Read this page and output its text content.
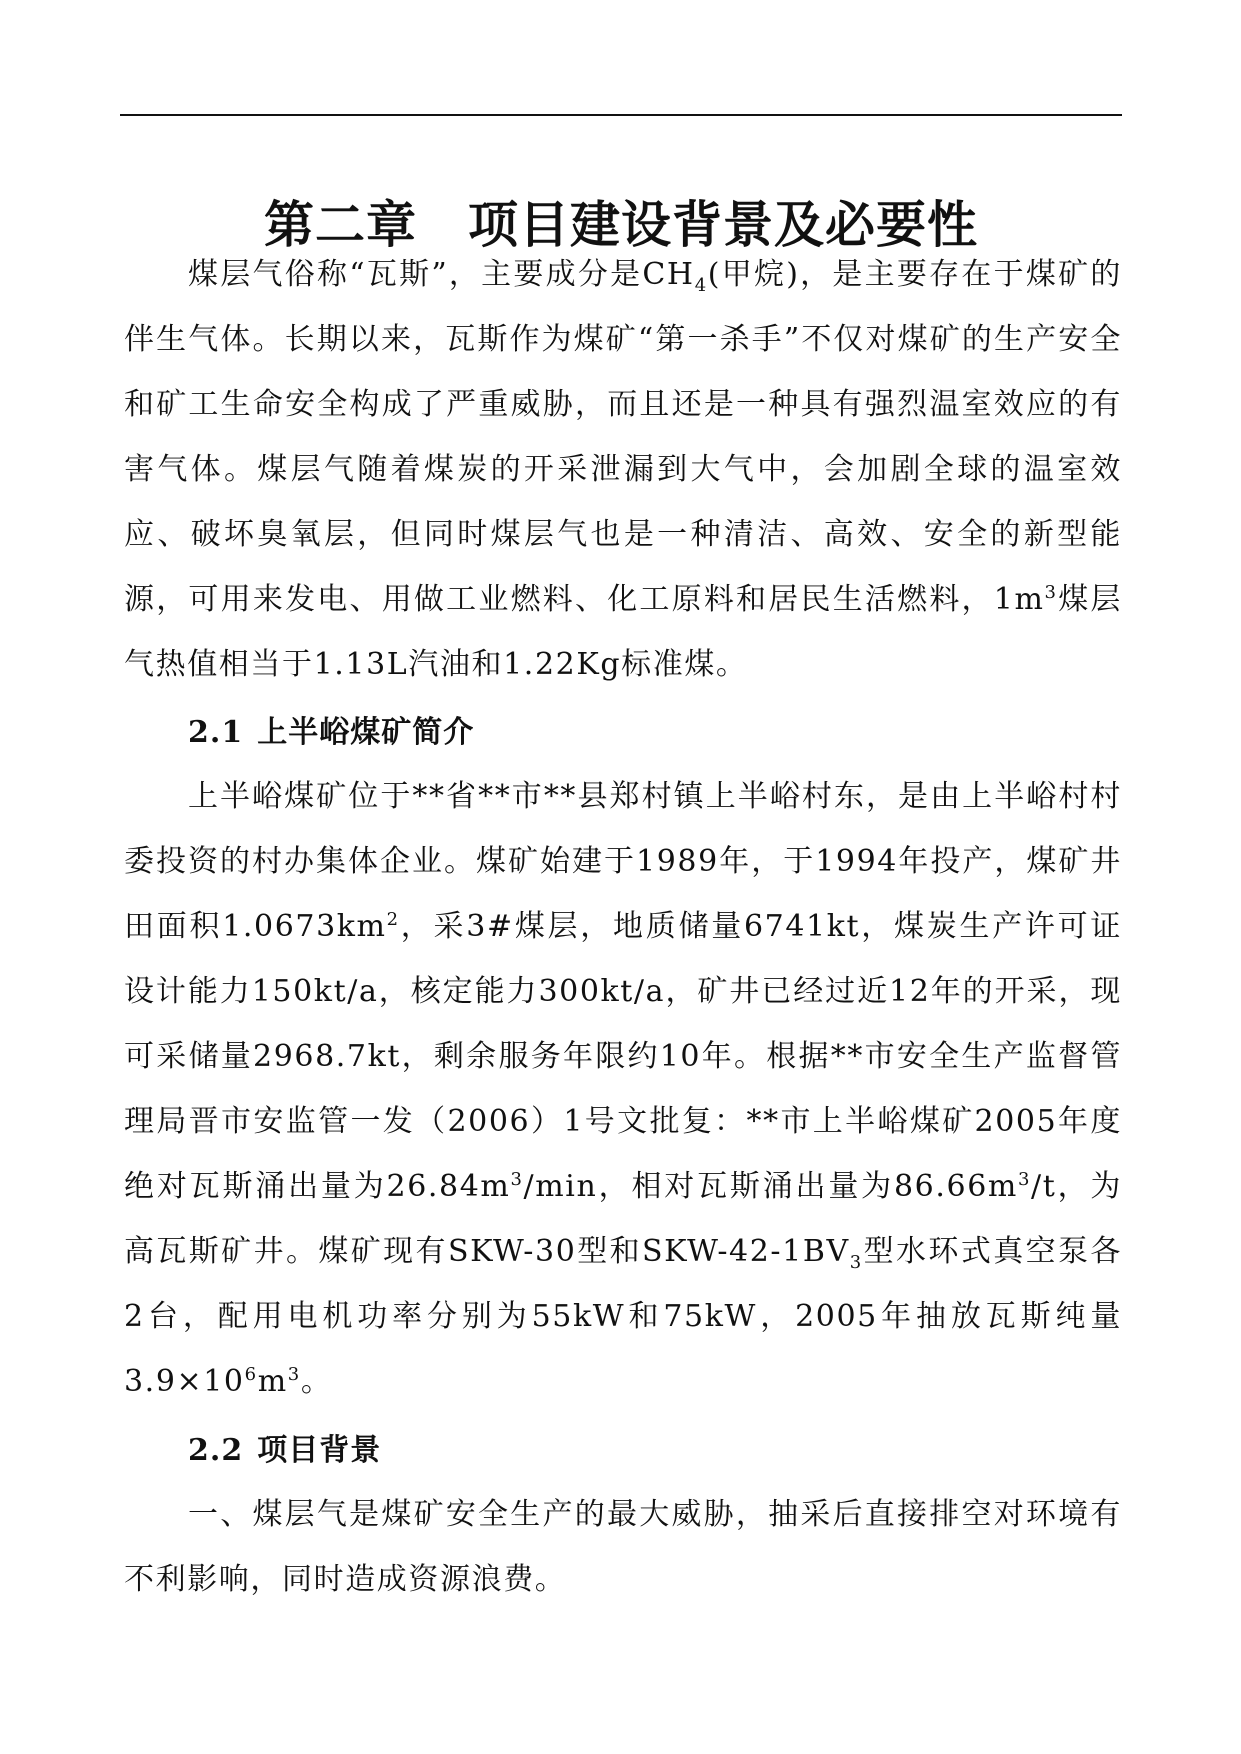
第二章　项目建设背景及必要性

煤层气俗称“瓦斯”，主要成分是$CH_4$(甲烷)，是主要存在于煤矿的伴生气体。长期以来，瓦斯作为煤矿“第一杀手”不仅对煤矿的生产安全和矿工生命安全构成了严重威胁，而且还是一种具有强烈温室效应的有害气体。煤层气随着煤炭的开采泄漏到大气中，会加剧全球的温室效应、破坏臭氧层，但同时煤层气也是一种清洁、高效、安全的新型能源，可用来发电、用做工业燃料、化工原料和居民生活燃料，$1m^3$煤层气热值相当于1.13L汽油和1.22Kg标准煤。

2.1 上半峪煤矿简介

上半峪煤矿位于**省**市**县郑村镇上半峪村东，是由上半峪村村委投资的村办集体企业。煤矿始建于1989年，于1994年投产，煤矿井田面积$1.0673km^2$，采3#煤层，地质储量6741kt，煤炭生产许可证设计能力150kt/a，核定能力300kt/a，矿井已经过近12年的开采，现可采储量2968.7kt，剩余服务年限约10年。根据**市安全生产监督管理局晋市安监管一发（2006）1号文批复：**市上半峪煤矿2005年度绝对瓦斯涌出量为$26.84m^3/\min$，相对瓦斯涌出量为$86.66m^3/t$，为高瓦斯矿井。煤矿现有SKW-30型和SKW-$42-1BV_3$型水环式真空泵各2台，配用电机功率分别为55kW和75kW，2005年抽放瓦斯纯量$3.9\times 10^6m^3$。

2.2 项目背景

一、煤层气是煤矿安全生产的最大威胁，抽采后直接排空对环境有不利影响，同时造成资源浪费。
